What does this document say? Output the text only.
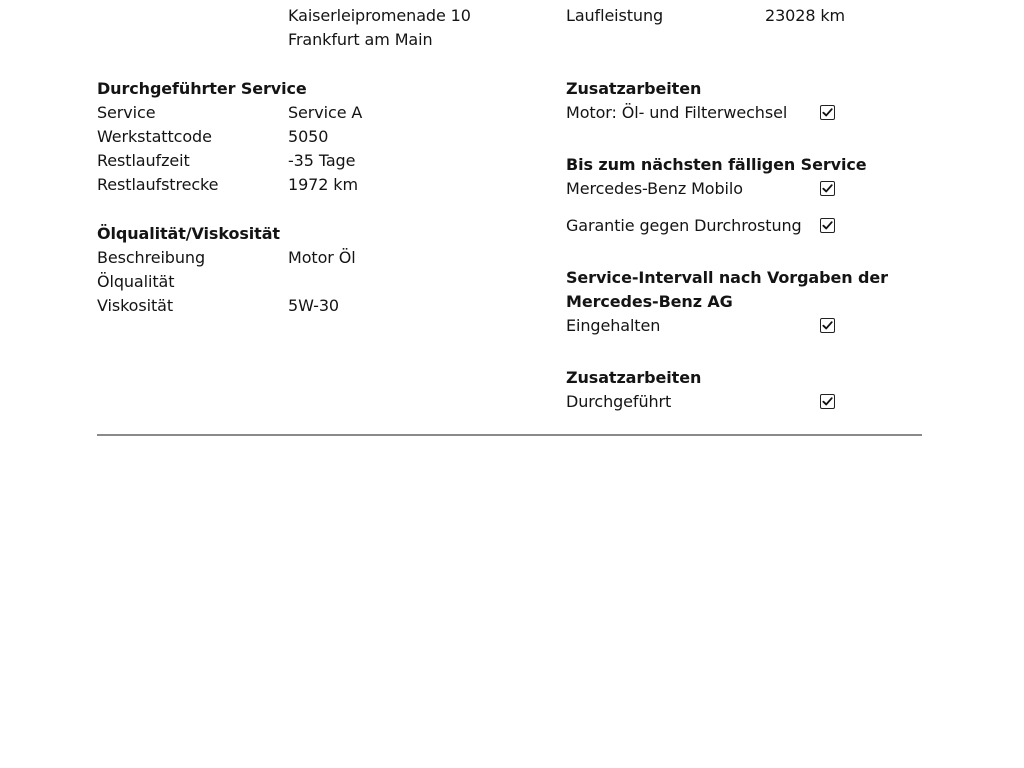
Kaiserleipromenade 10
Frankfurt am Main
Laufleistung	23028 km
Durchgeführter Service
Service	Service A
Werkstattcode	5050
Restlaufzeit	-35 Tage
Restlaufstrecke	1972 km
Ölqualität/Viskosität
Beschreibung	Motor Öl
Ölqualität
Viskosität	5W-30
Zusatzarbeiten
Motor: Öl- und Filterwechsel
Bis zum nächsten fälligen Service
Mercedes-Benz Mobilo
Garantie gegen Durchrostung
Service-Intervall nach Vorgaben der
Mercedes-Benz AG
Eingehalten
Zusatzarbeiten
Durchgeführt
